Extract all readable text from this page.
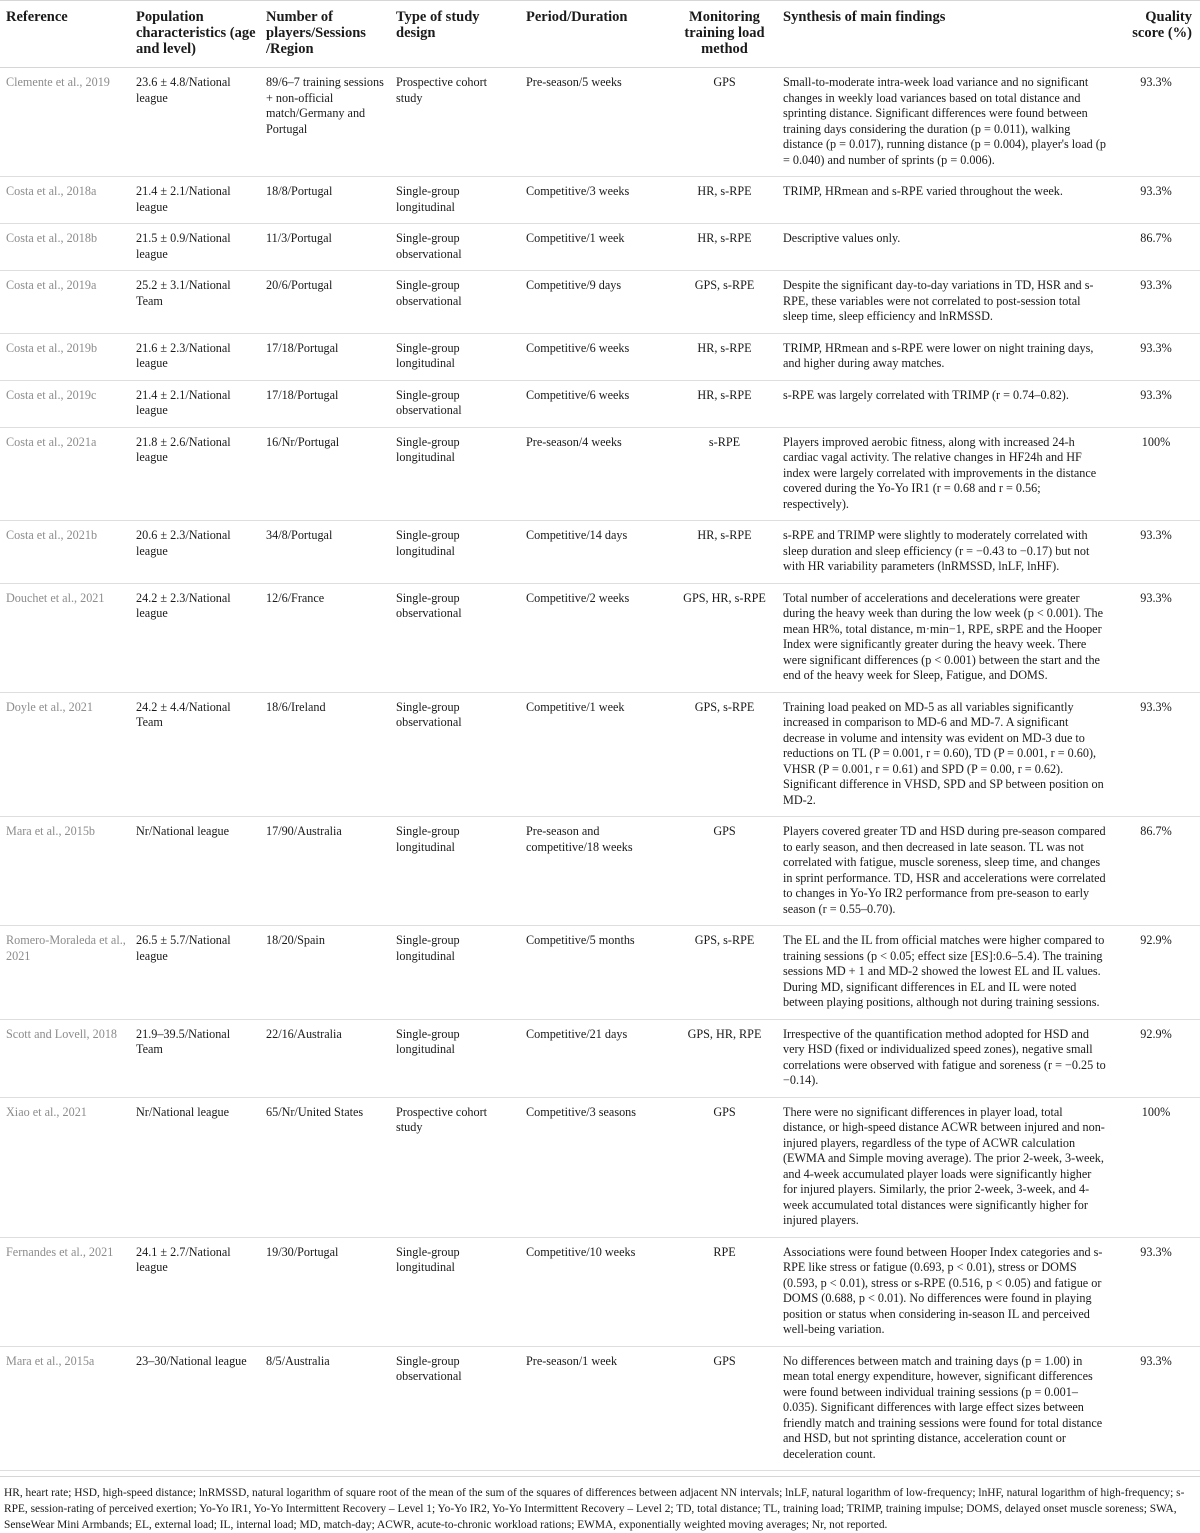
Reference	Population characteristics (age and level)	Number of players/Sessions /Region	Type of study design	Period/Duration	Monitoring training load method	Synthesis of main findings	Quality score (%)
Clemente et al., 2019	23.6 ± 4.8/National league	89/6–7 training sessions + non-official match/Germany and Portugal	Prospective cohort study	Pre-season/5 weeks	GPS	Small-to-moderate intra-week load variance and no significant changes in weekly load variances based on total distance and sprinting distance. Significant differences were found between training days considering the duration (p = 0.011), walking distance (p = 0.017), running distance (p = 0.004), player's load (p = 0.040) and number of sprints (p = 0.006).	93.3%
Costa et al., 2018a	21.4 ± 2.1/National league	18/8/Portugal	Single-group longitudinal	Competitive/3 weeks	HR, s-RPE	TRIMP, HRmean and s-RPE varied throughout the week.	93.3%
Costa et al., 2018b	21.5 ± 0.9/National league	11/3/Portugal	Single-group observational	Competitive/1 week	HR, s-RPE	Descriptive values only.	86.7%
Costa et al., 2019a	25.2 ± 3.1/National Team	20/6/Portugal	Single-group observational	Competitive/9 days	GPS, s-RPE	Despite the significant day-to-day variations in TD, HSR and s-RPE, these variables were not correlated to post-session total sleep time, sleep efficiency and lnRMSSD.	93.3%
Costa et al., 2019b	21.6 ± 2.3/National league	17/18/Portugal	Single-group longitudinal	Competitive/6 weeks	HR, s-RPE	TRIMP, HRmean and s-RPE were lower on night training days, and higher during away matches.	93.3%
Costa et al., 2019c	21.4 ± 2.1/National league	17/18/Portugal	Single-group observational	Competitive/6 weeks	HR, s-RPE	s-RPE was largely correlated with TRIMP (r = 0.74–0.82).	93.3%
Costa et al., 2021a	21.8 ± 2.6/National league	16/Nr/Portugal	Single-group longitudinal	Pre-season/4 weeks	s-RPE	Players improved aerobic fitness, along with increased 24-h cardiac vagal activity. The relative changes in HF24h and HF index were largely correlated with improvements in the distance covered during the Yo-Yo IR1 (r = 0.68 and r = 0.56; respectively).	100%
Costa et al., 2021b	20.6 ± 2.3/National league	34/8/Portugal	Single-group longitudinal	Competitive/14 days	HR, s-RPE	s-RPE and TRIMP were slightly to moderately correlated with sleep duration and sleep efficiency (r = −0.43 to −0.17) but not with HR variability parameters (lnRMSSD, lnLF, lnHF).	93.3%
Douchet et al., 2021	24.2 ± 2.3/National league	12/6/France	Single-group observational	Competitive/2 weeks	GPS, HR, s-RPE	Total number of accelerations and decelerations were greater during the heavy week than during the low week (p < 0.001). The mean HR%, total distance, m·min−1, RPE, sRPE and the Hooper Index were significantly greater during the heavy week. There were significant differences (p < 0.001) between the start and the end of the heavy week for Sleep, Fatigue, and DOMS.	93.3%
Doyle et al., 2021	24.2 ± 4.4/National Team	18/6/Ireland	Single-group observational	Competitive/1 week	GPS, s-RPE	Training load peaked on MD-5 as all variables significantly increased in comparison to MD-6 and MD-7. A significant decrease in volume and intensity was evident on MD-3 due to reductions on TL (P = 0.001, r = 0.60), TD (P = 0.001, r = 0.60), VHSR (P = 0.001, r = 0.61) and SPD (P = 0.00, r = 0.62). Significant difference in VHSD, SPD and SP between position on MD-2.	93.3%
Mara et al., 2015b	Nr/National league	17/90/Australia	Single-group longitudinal	Pre-season and competitive/18 weeks	GPS	Players covered greater TD and HSD during pre-season compared to early season, and then decreased in late season. TL was not correlated with fatigue, muscle soreness, sleep time, and changes in sprint performance. TD, HSR and accelerations were correlated to changes in Yo-Yo IR2 performance from pre-season to early season (r = 0.55–0.70).	86.7%
Romero-Moraleda et al., 2021	26.5 ± 5.7/National league	18/20/Spain	Single-group longitudinal	Competitive/5 months	GPS, s-RPE	The EL and the IL from official matches were higher compared to training sessions (p < 0.05; effect size [ES]:0.6–5.4). The training sessions MD + 1 and MD-2 showed the lowest EL and IL values. During MD, significant differences in EL and IL were noted between playing positions, although not during training sessions.	92.9%
Scott and Lovell, 2018	21.9–39.5/National Team	22/16/Australia	Single-group longitudinal	Competitive/21 days	GPS, HR, RPE	Irrespective of the quantification method adopted for HSD and very HSD (fixed or individualized speed zones), negative small correlations were observed with fatigue and soreness (r = −0.25 to −0.14).	92.9%
Xiao et al., 2021	Nr/National league	65/Nr/United States	Prospective cohort study	Competitive/3 seasons	GPS	There were no significant differences in player load, total distance, or high-speed distance ACWR between injured and non-injured players, regardless of the type of ACWR calculation (EWMA and Simple moving average). The prior 2-week, 3-week, and 4-week accumulated player loads were significantly higher for injured players. Similarly, the prior 2-week, 3-week, and 4-week accumulated total distances were significantly higher for injured players.	100%
Fernandes et al., 2021	24.1 ± 2.7/National league	19/30/Portugal	Single-group longitudinal	Competitive/10 weeks	RPE	Associations were found between Hooper Index categories and s-RPE like stress or fatigue (0.693, p < 0.01), stress or DOMS (0.593, p < 0.01), stress or s-RPE (0.516, p < 0.05) and fatigue or DOMS (0.688, p < 0.01). No differences were found in playing position or status when considering in-season IL and perceived well-being variation.	93.3%
Mara et al., 2015a	23–30/National league	8/5/Australia	Single-group observational	Pre-season/1 week	GPS	No differences between match and training days (p = 1.00) in mean total energy expenditure, however, significant differences were found between individual training sessions (p = 0.001–0.035). Significant differences with large effect sizes between friendly match and training sessions were found for total distance and HSD, but not sprinting distance, acceleration count or deceleration count.	93.3%
HR, heart rate; HSD, high-speed distance; lnRMSSD, natural logarithm of square root of the mean of the sum of the squares of differences between adjacent NN intervals; lnLF, natural logarithm of low-frequency; lnHF, natural logarithm of high-frequency; s-RPE, session-rating of perceived exertion; Yo-Yo IR1, Yo-Yo Intermittent Recovery – Level 1; Yo-Yo IR2, Yo-Yo Intermittent Recovery – Level 2; TD, total distance; TL, training load; TRIMP, training impulse; DOMS, delayed onset muscle soreness; SWA, SenseWear Mini Armbands; EL, external load; IL, internal load; MD, match-day; ACWR, acute-to-chronic workload rations; EWMA, exponentially weighted moving averages; Nr, not reported.
